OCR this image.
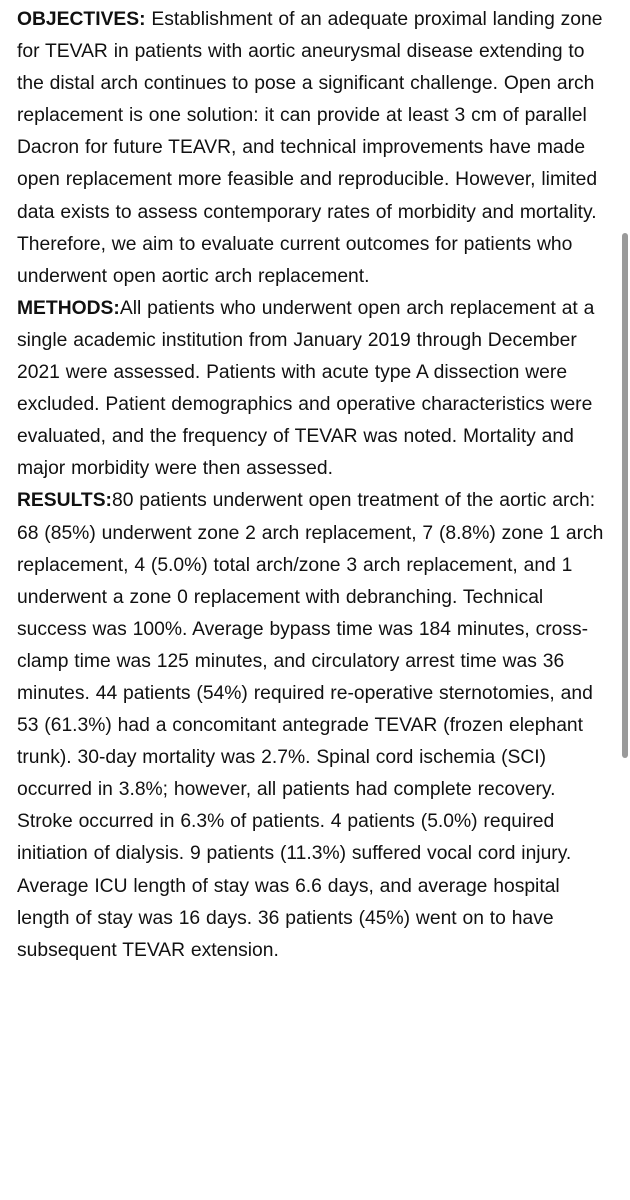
OBJECTIVES: Establishment of an adequate proximal landing zone for TEVAR in patients with aortic aneurysmal disease extending to the distal arch continues to pose a significant challenge. Open arch replacement is one solution: it can provide at least 3 cm of parallel Dacron for future TEAVR, and technical improvements have made open replacement more feasible and reproducible. However, limited data exists to assess contemporary rates of morbidity and mortality. Therefore, we aim to evaluate current outcomes for patients who underwent open aortic arch replacement.

METHODS:All patients who underwent open arch replacement at a single academic institution from January 2019 through December 2021 were assessed. Patients with acute type A dissection were excluded. Patient demographics and operative characteristics were evaluated, and the frequency of TEVAR was noted. Mortality and major morbidity were then assessed.

RESULTS:80 patients underwent open treatment of the aortic arch: 68 (85%) underwent zone 2 arch replacement, 7 (8.8%) zone 1 arch replacement, 4 (5.0%) total arch/zone 3 arch replacement, and 1 underwent a zone 0 replacement with debranching. Technical success was 100%. Average bypass time was 184 minutes, cross-clamp time was 125 minutes, and circulatory arrest time was 36 minutes. 44 patients (54%) required re-operative sternotomies, and 53 (61.3%) had a concomitant antegrade TEVAR (frozen elephant trunk). 30-day mortality was 2.7%. Spinal cord ischemia (SCI) occurred in 3.8%; however, all patients had complete recovery. Stroke occurred in 6.3% of patients. 4 patients (5.0%) required initiation of dialysis. 9 patients (11.3%) suffered vocal cord injury. Average ICU length of stay was 6.6 days, and average hospital length of stay was 16 days. 36 patients (45%) went on to have subsequent TEVAR extension.
